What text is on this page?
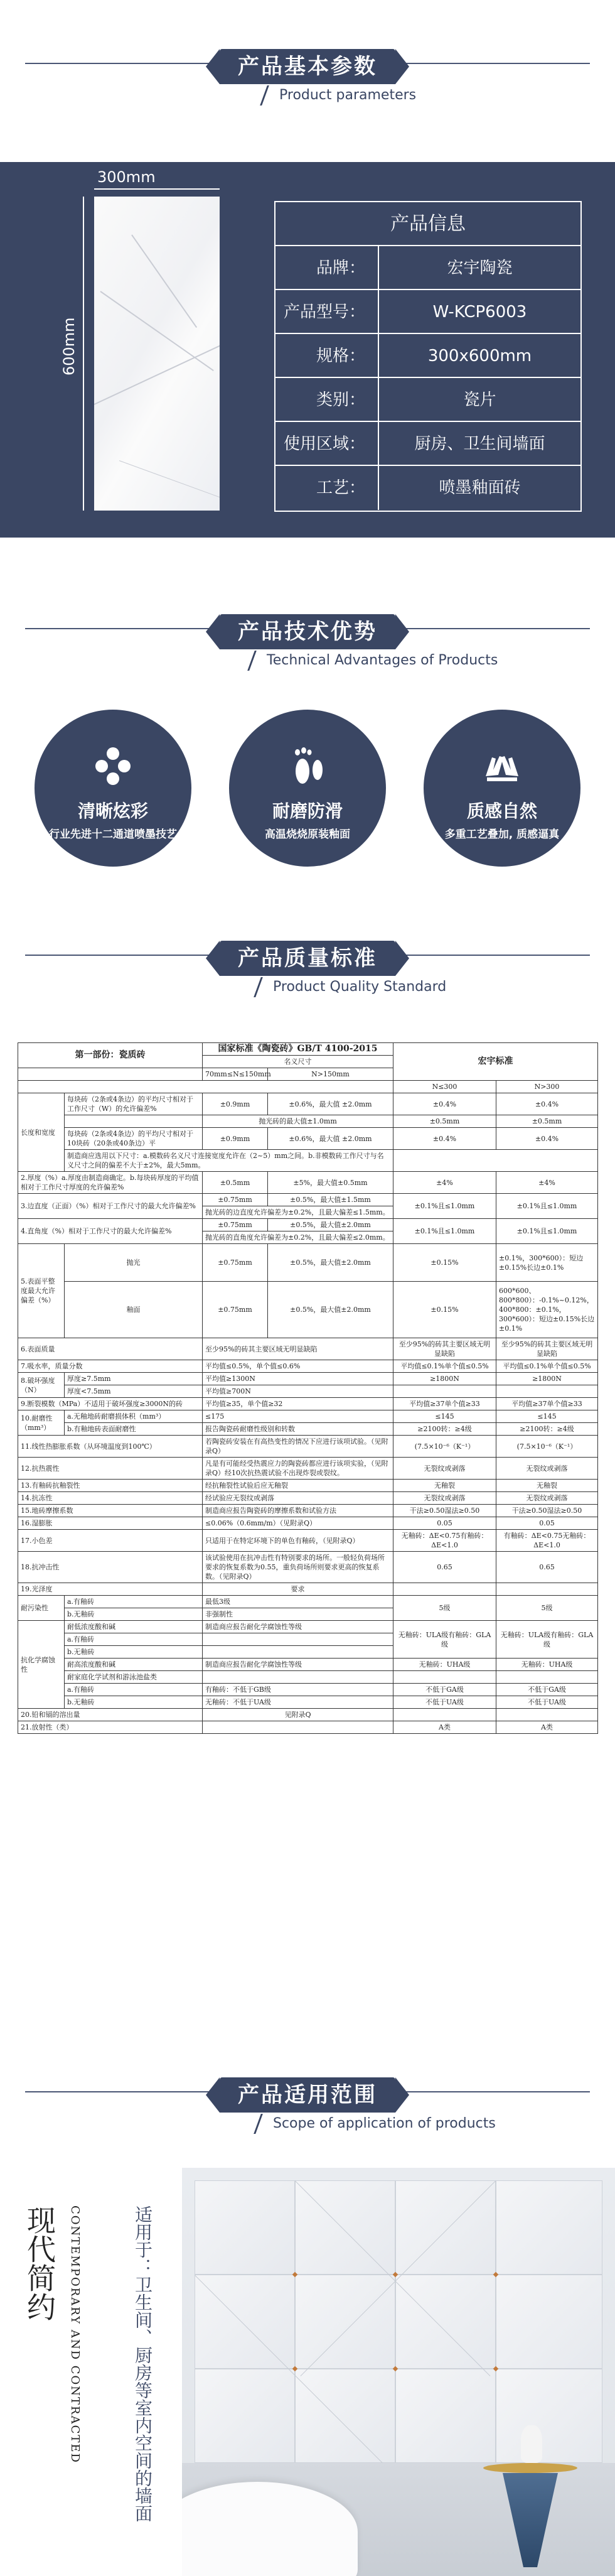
产品基本参数
Product parameters
300mm
600mm
产品信息
品牌：	宏宇陶瓷
产品型号：	W-KCP6003
规格：	300x600mm
类别：	瓷片
使用区域：	厨房、卫生间墙面
工艺：	喷墨釉面砖
产品技术优势
Technical Advantages of Products
清晰炫彩
行业先进十二通道喷墨技艺
耐磨防滑
高温烧烧原装釉面
质感自然
多重工艺叠加, 质感逼真
产品质量标准
Product Quality Standard
第一部份：瓷质砖		国家标准《陶瓷砖》GB/T 4100-2015		宏宇标准	
		名义尺寸			
		70mm≤N≤150mm	N>150mm		
				N≤300	N>300
长度和宽度	每块砖（2条或4条边）的平均尺寸相对于工作尺寸（W）的允许偏差%	±0.9mm	±0.6%，最大值 ±2.0mm	±0.4%	±0.4%
		抛光砖的最大值±1.0mm		±0.5mm	±0.5mm
	每块砖（2条或4条边）的平均尺寸相对于10块砖（20条或40条边）平	±0.9mm	±0.6%，最大值 ±2.0mm	±0.4%	±0.4%
	制造商应选用以下尺寸：a.模数砖名义尺寸连接宽度允许在（2~5）mm之间。b.非模数砖工作尺寸与名义尺寸之间的偏差不大于±2%，最大5mm。				
2.厚度（%）a.厚度由制造商确定。b.每块砖厚度的平均值相对于工作尺寸厚度的允许偏差%		±0.5mm	±5%，最大值±0.5mm	±4%	±4%
3.边直度（正面）（%）相对于工作尺寸的最大允许偏差%		±0.75mm	±0.5%，最大值±1.5mm	±0.1%且≤1.0mm	±0.1%且≤1.0mm
		抛光砖的边直度允许偏差为±0.2%，且最大偏差≤1.5mm。			
4.直角度（%）相对于工作尺寸的最大允许偏差%		±0.75mm	±0.5%，最大值±2.0mm	±0.1%且≤1.0mm	±0.1%且≤1.0mm
		抛光砖的直角度允许偏差为±0.2%，且最大偏差≤2.0mm。			
5.表面平整度最大允许偏差（%）	抛光	±0.75mm	±0.5%，最大值±2.0mm	±0.15%	±0.1%，300*600）：短边±0.15%长边±0.1%
	釉面	±0.75mm	±0.5%，最大值±2.0mm	±0.15%	600*600、800*800）：-0.1%~0.12%，400*800：±0.1%，300*600）：短边±0.15%长边±0.1%
6.表面质量		至少95%的砖其主要区域无明显缺陷		至少95%的砖其主要区域无明显缺陷	至少95%的砖其主要区域无明显缺陷
7.吸水率，质量分数		平均值≤0.5%，单个值≤0.6%		平均值≤0.1%单个值≤0.5%	平均值≤0.1%单个值≤0.5%
8.破坏强度（N）	厚度≥7.5mm	平均值≥1300N		≥1800N	≥1800N
	厚度<7.5mm	平均值≥700N			
9.断裂模数（MPa）不适用于破坏强度≥3000N的砖		平均值≥35，单个值≥32		平均值≥37单个值≥33	平均值≥37单个值≥33
10.耐磨性（mm³）	a.无釉地砖耐磨损体积（mm³）	≤175		≤145	≤145
	b.有釉地砖表面耐磨性	报告陶瓷砖耐磨性级别和转数		≥2100转：≥4级	≥2100转：≥4级
11.线性热膨胀系数（从环境温度到100℃）		若陶瓷砖安装在有高热变性的情况下应进行该项试验。（见附录Q）		(7.5×10⁻⁶（K⁻¹）	(7.5×10⁻⁶（K⁻¹）
12.抗热震性		凡是有可能经受热震应力的陶瓷砖都应进行该项实验，（见附录Q）经10次抗热震试验不出现炸裂或裂纹。		无裂纹或剥落	无裂纹或剥落
13.有釉砖抗釉裂性		经抗釉裂性试验后应无釉裂		无釉裂	无釉裂
14.抗冻性		经试验应无裂纹或剥落		无裂纹或剥落	无裂纹或剥落
15.地砖摩擦系数		制造商应报告陶瓷砖的摩擦系数和试验方法		干法≥0.50湿法≥0.50	干法≥0.50湿法≥0.50
16.湿膨胀		≤0.06%（0.6mm/m）（见附录Q）		0.05	0.05
17.小色差		只适用于在特定环境下的单色有釉砖，（见附录Q）		无釉砖：ΔE<0.75有釉砖：ΔE<1.0	有釉砖：ΔE<0.75无釉砖：ΔE<1.0
18.抗冲击性		该试验使用在抗冲击性有特别要求的场所。一般轻负荷场所要求的恢复系数为0.55，重负荷场所则要求更高的恢复系数。（见附录Q）		0.65	0.65
19.光泽度		要求			
耐污染性	a.有釉砖	最低3级		5级	5级
	b.无釉砖	非强制性			
抗化学腐蚀性	耐低浓度酸和碱	制造商应报告耐化学腐蚀性等级		无釉砖：ULA级有釉砖：GLA级	无釉砖：ULA级有釉砖：GLA级
	a.有釉砖				
	b.无釉砖				
	耐高浓度酸和碱	制造商应报告耐化学腐蚀性等级		无釉砖：UHA级	无釉砖：UHA级
	耐家庭化学试剂和游泳池盐类				
	a.有釉砖	有釉砖：不低于GB级		不低于GA级	不低于GA级
	b.无釉砖	无釉砖：不低于UA级		不低于UA级	不低于UA级
20.铅和镉的溶出量		见附录Q			
21.放射性（类）				A类	A类
产品适用范围
Scope of application of products
现代简约	CONTEMPORARY AND CONTRACTED	适用于：卫生间、厨房等室内空间的墙面
